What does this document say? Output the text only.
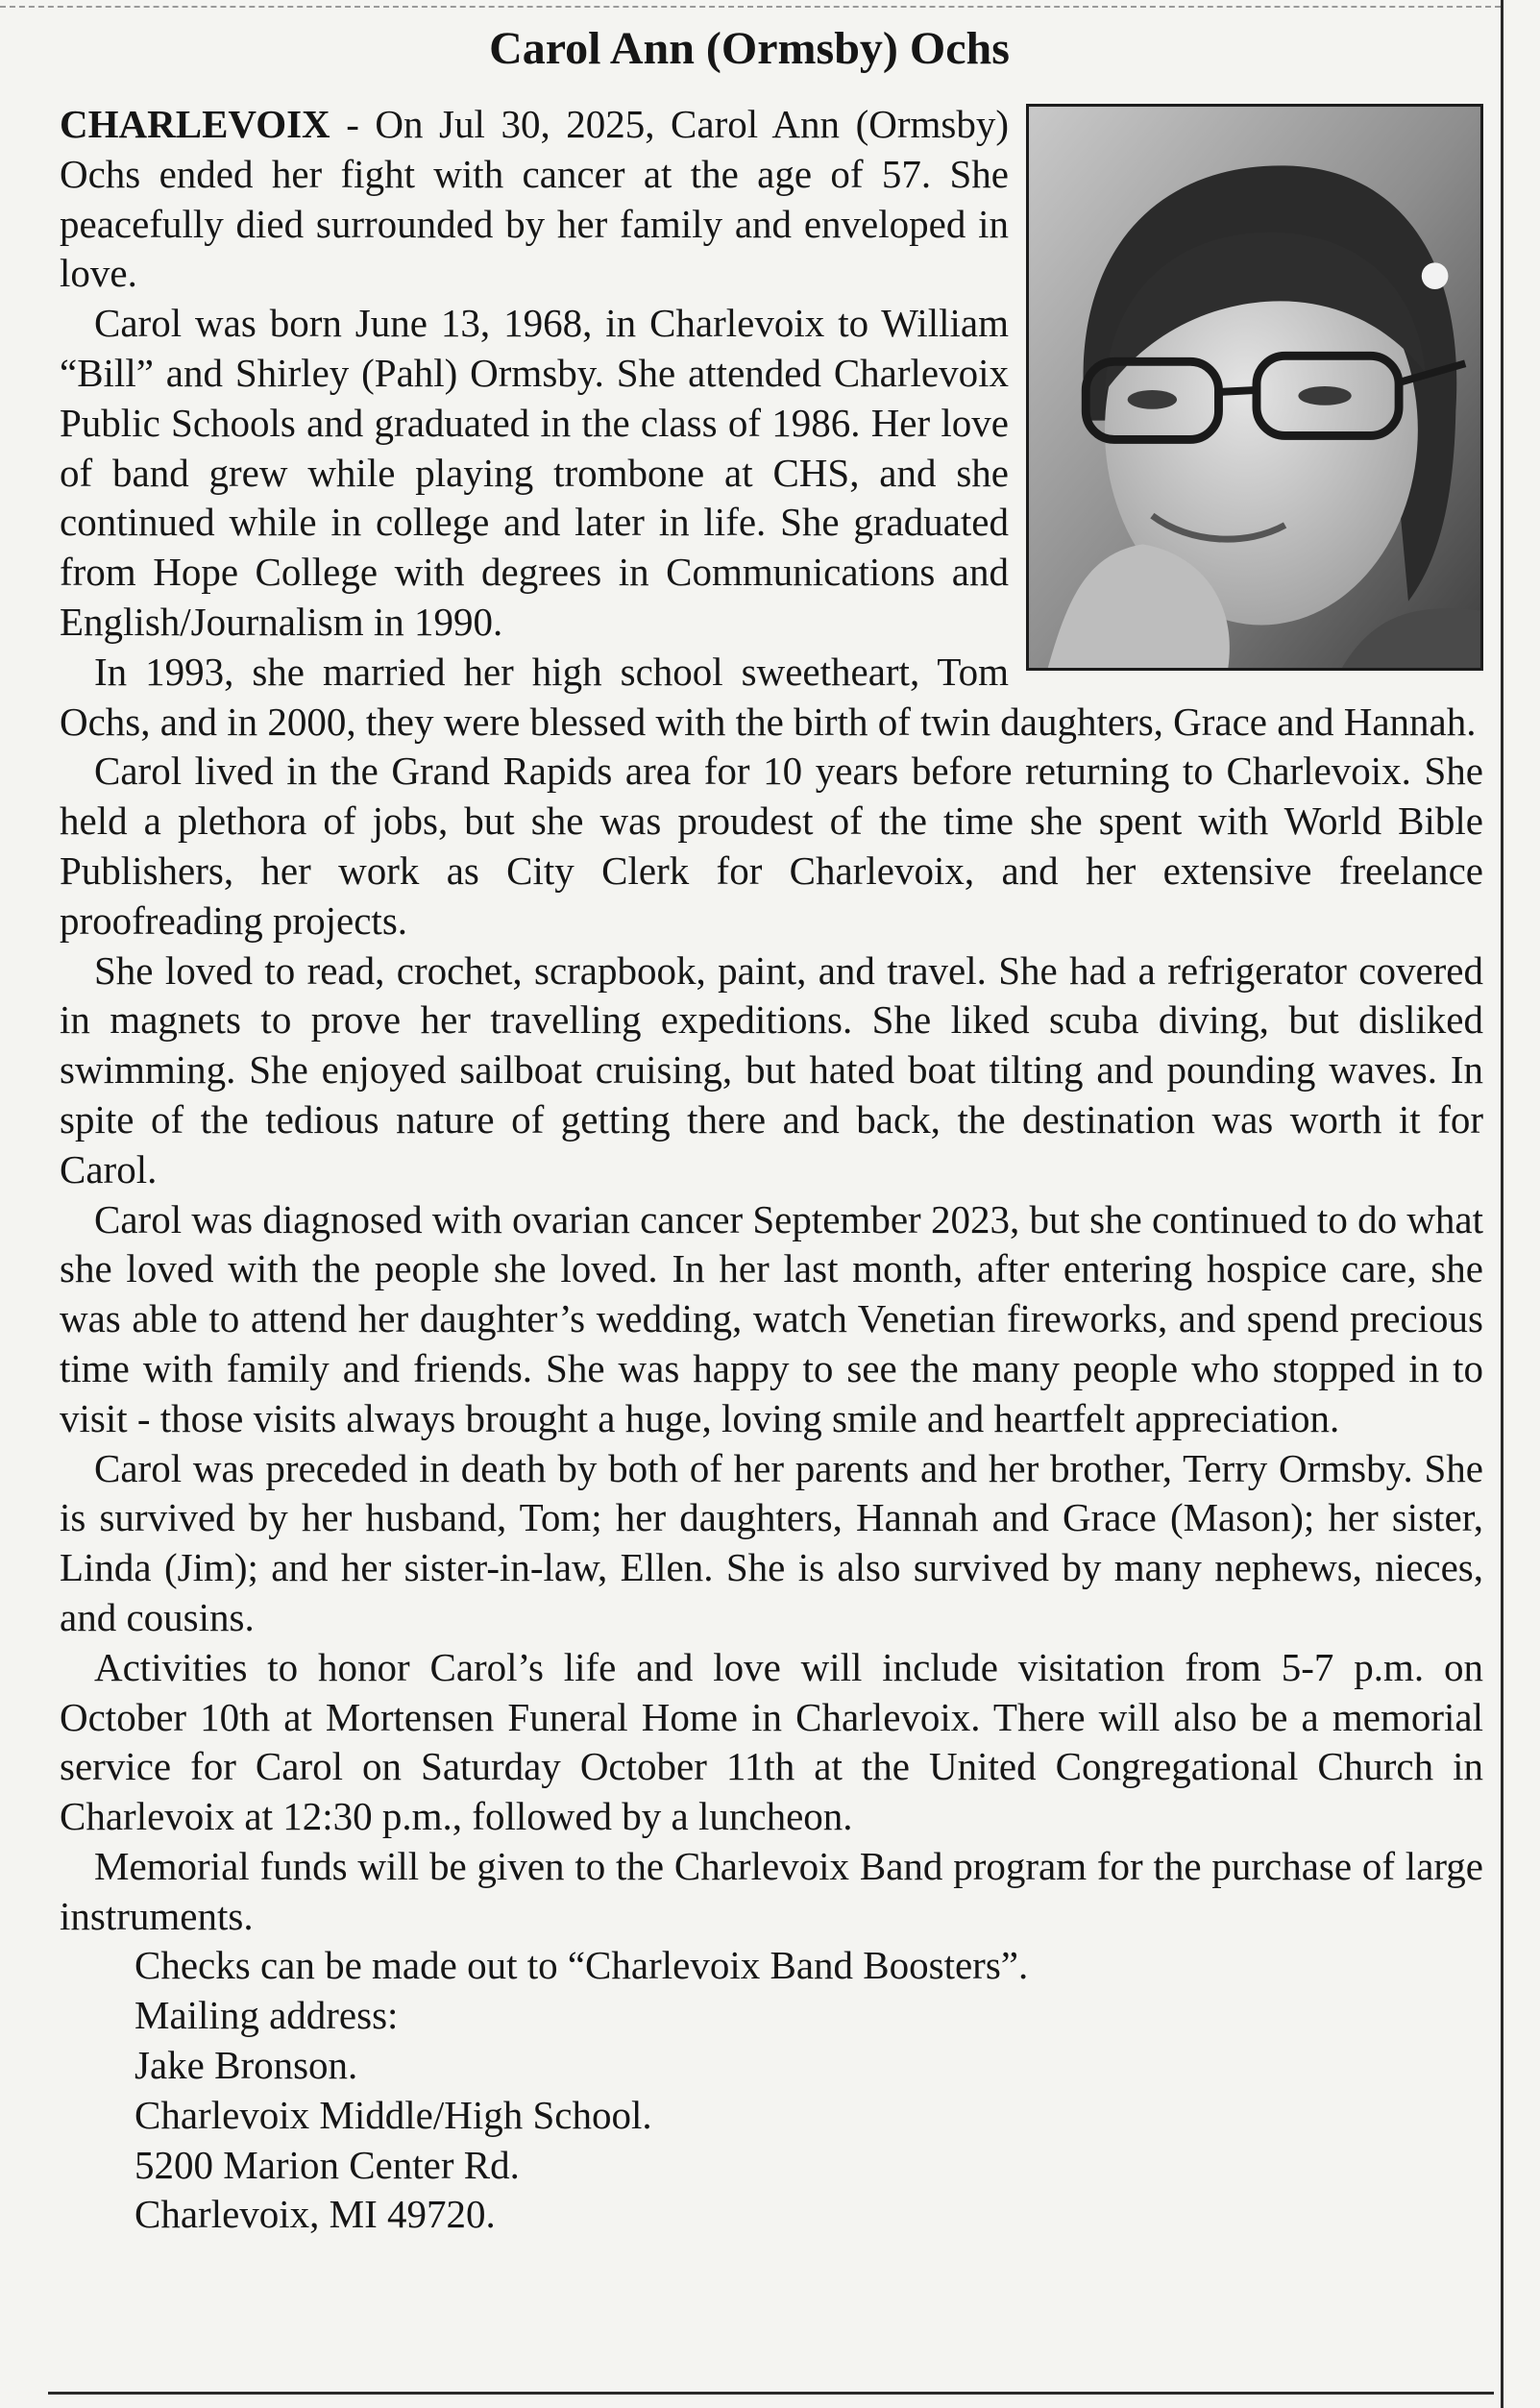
Carol Ann (Ormsby) Ochs

CHARLEVOIX - On Jul 30, 2025, Carol Ann (Ormsby) Ochs ended her fight with cancer at the age of 57. She peacefully died surrounded by her family and enveloped in love.

Carol was born June 13, 1968, in Charlevoix to William “Bill” and Shirley (Pahl) Ormsby. She attended Charlevoix Public Schools and graduated in the class of 1986. Her love of band grew while playing trombone at CHS, and she continued while in college and later in life. She graduated from Hope College with degrees in Communications and English/Journalism in 1990.

In 1993, she married her high school sweetheart, Tom Ochs, and in 2000, they were blessed with the birth of twin daughters, Grace and Hannah.

Carol lived in the Grand Rapids area for 10 years before returning to Charlevoix. She held a plethora of jobs, but she was proudest of the time she spent with World Bible Publishers, her work as City Clerk for Charlevoix, and her extensive freelance proofreading projects.

She loved to read, crochet, scrapbook, paint, and travel. She had a refrigerator covered in magnets to prove her travelling expeditions. She liked scuba diving, but disliked swimming. She enjoyed sailboat cruising, but hated boat tilting and pounding waves. In spite of the tedious nature of getting there and back, the destination was worth it for Carol.

Carol was diagnosed with ovarian cancer September 2023, but she continued to do what she loved with the people she loved. In her last month, after entering hospice care, she was able to attend her daughter’s wedding, watch Venetian fireworks, and spend precious time with family and friends. She was happy to see the many people who stopped in to visit - those visits always brought a huge, loving smile and heartfelt appreciation.

Carol was preceded in death by both of her parents and her brother, Terry Ormsby. She is survived by her husband, Tom; her daughters, Hannah and Grace (Mason); her sister, Linda (Jim); and her sister-in-law, Ellen. She is also survived by many nephews, nieces, and cousins.

Activities to honor Carol’s life and love will include visitation from 5-7 p.m. on October 10th at Mortensen Funeral Home in Charlevoix. There will also be a memorial service for Carol on Saturday October 11th at the United Congregational Church in Charlevoix at 12:30 p.m., followed by a luncheon.

Memorial funds will be given to the Charlevoix Band program for the purchase of large instruments.

Checks can be made out to “Charlevoix Band Boosters”.

Mailing address:

Jake Bronson.

Charlevoix Middle/High School.

5200 Marion Center Rd.

Charlevoix, MI 49720.
